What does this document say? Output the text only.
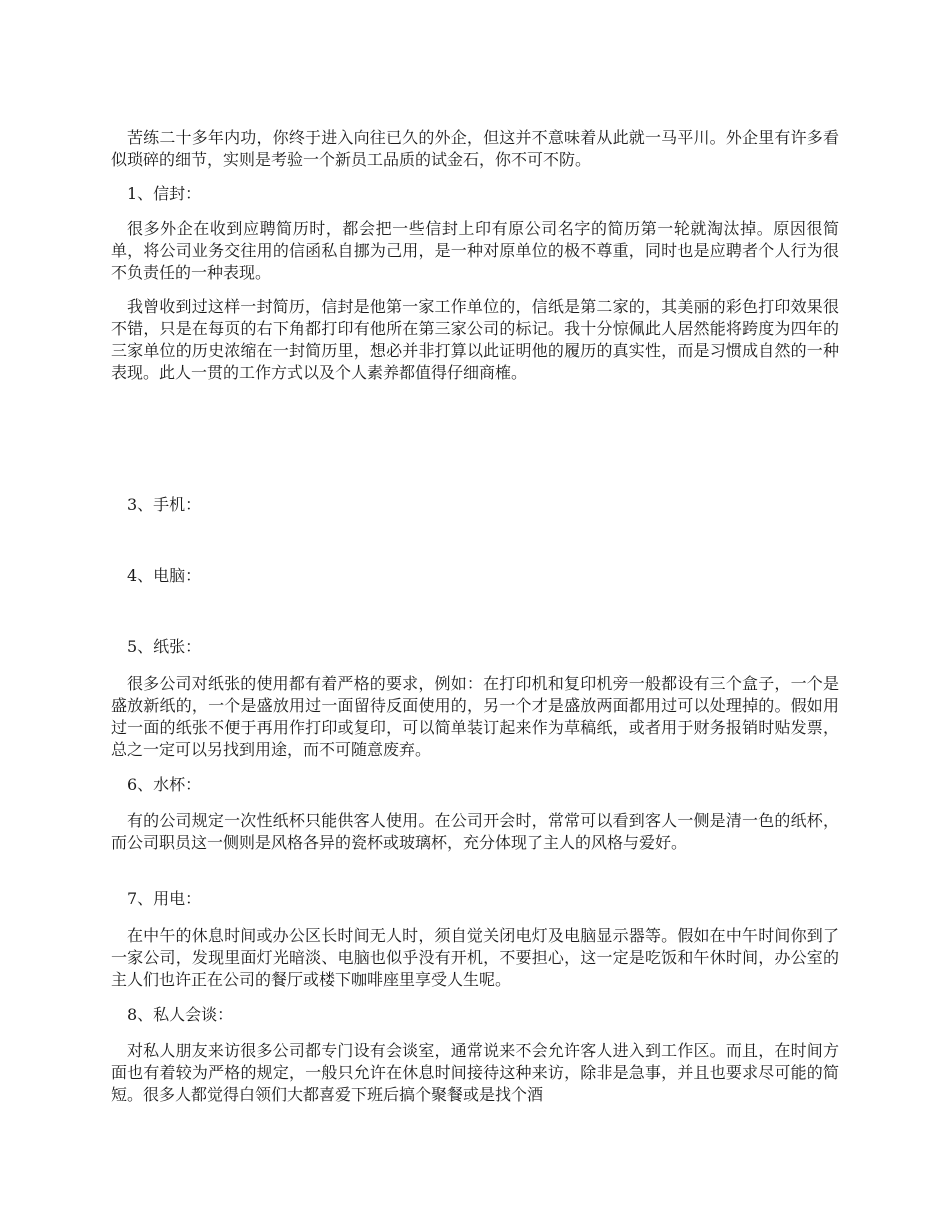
苦练二十多年内功，你终于进入向往已久的外企，但这并不意味着从此就一马平川。外企里有许多看似琐碎的细节，实则是考验一个新员工品质的试金石，你不可不防。

1、信封：

很多外企在收到应聘简历时，都会把一些信封上印有原公司名字的简历第一轮就淘汰掉。原因很简单，将公司业务交往用的信函私自挪为己用，是一种对原单位的极不尊重，同时也是应聘者个人行为很不负责任的一种表现。

我曾收到过这样一封简历，信封是他第一家工作单位的，信纸是第二家的，其美丽的彩色打印效果很不错，只是在每页的右下角都打印有他所在第三家公司的标记。我十分惊佩此人居然能将跨度为四年的三家单位的历史浓缩在一封简历里，想必并非打算以此证明他的履历的真实性，而是习惯成自然的一种表现。此人一贯的工作方式以及个人素养都值得仔细商榷。

3、手机：

4、电脑：

5、纸张：

很多公司对纸张的使用都有着严格的要求，例如：在打印机和复印机旁一般都设有三个盒子，一个是盛放新纸的，一个是盛放用过一面留待反面使用的，另一个才是盛放两面都用过可以处理掉的。假如用过一面的纸张不便于再用作打印或复印，可以简单装订起来作为草稿纸，或者用于财务报销时贴发票，总之一定可以另找到用途，而不可随意废弃。

6、水杯：

有的公司规定一次性纸杯只能供客人使用。在公司开会时，常常可以看到客人一侧是清一色的纸杯，而公司职员这一侧则是风格各异的瓷杯或玻璃杯，充分体现了主人的风格与爱好。

7、用电：

在中午的休息时间或办公区长时间无人时，须自觉关闭电灯及电脑显示器等。假如在中午时间你到了一家公司，发现里面灯光暗淡、电脑也似乎没有开机，不要担心，这一定是吃饭和午休时间，办公室的主人们也许正在公司的餐厅或楼下咖啡座里享受人生呢。

8、私人会谈：

对私人朋友来访很多公司都专门设有会谈室，通常说来不会允许客人进入到工作区。而且，在时间方面也有着较为严格的规定，一般只允许在休息时间接待这种来访，除非是急事，并且也要求尽可能的简短。很多人都觉得白领们大都喜爱下班后搞个聚餐或是找个酒
